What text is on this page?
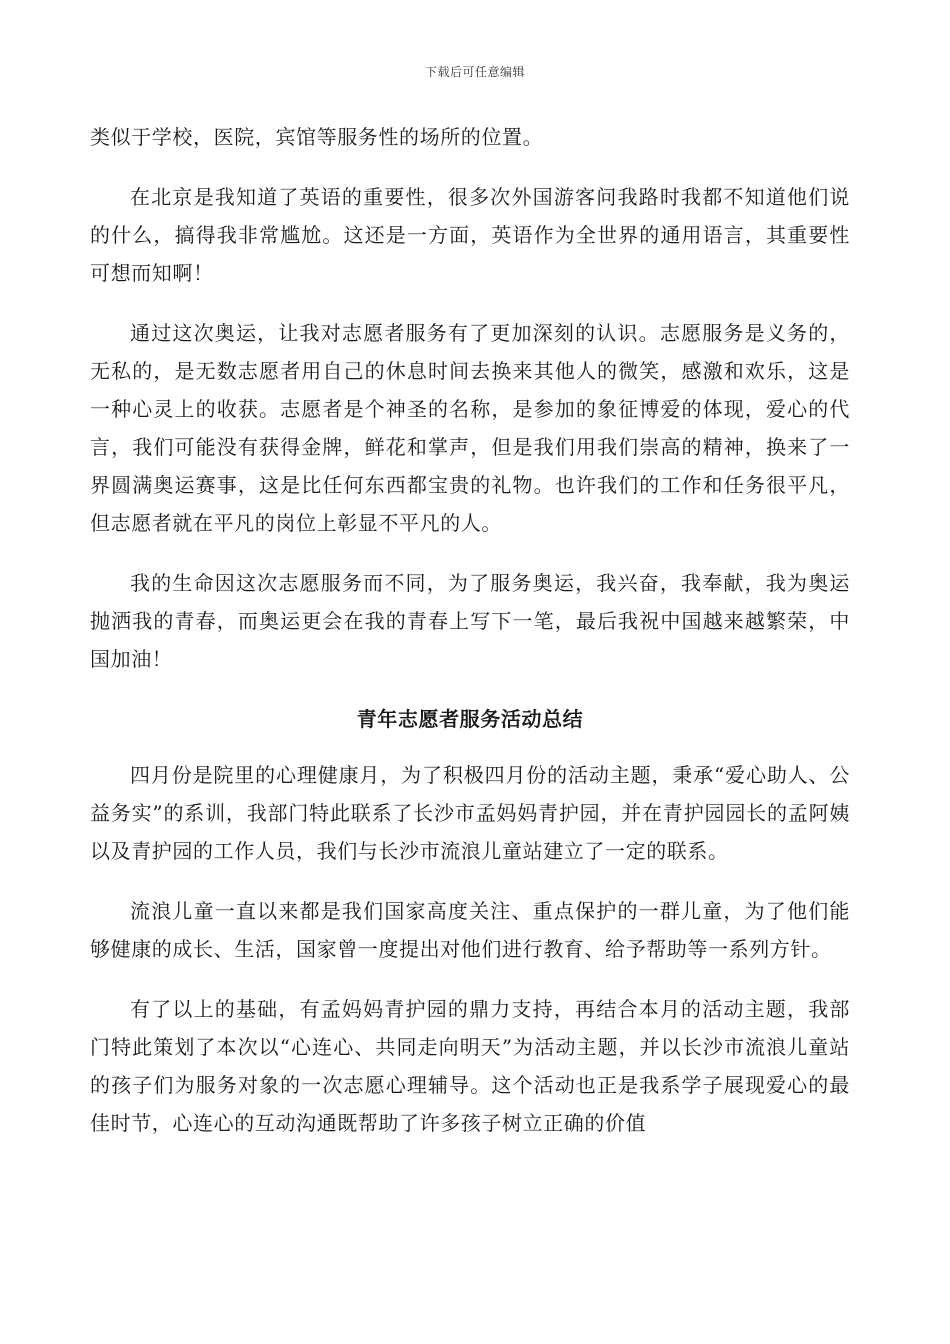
下载后可任意编辑

类似于学校，医院，宾馆等服务性的场所的位置。

在北京是我知道了英语的重要性，很多次外国游客问我路时我都不知道他们说的什么，搞得我非常尴尬。这还是一方面，英语作为全世界的通用语言，其重要性可想而知啊！

通过这次奥运，让我对志愿者服务有了更加深刻的认识。志愿服务是义务的，无私的，是无数志愿者用自己的休息时间去换来其他人的微笑，感激和欢乐，这是一种心灵上的收获。志愿者是个神圣的名称，是参加的象征博爱的体现，爱心的代言，我们可能没有获得金牌，鲜花和掌声，但是我们用我们崇高的精神，换来了一界圆满奥运赛事，这是比任何东西都宝贵的礼物。也许我们的工作和任务很平凡，但志愿者就在平凡的岗位上彰显不平凡的人。

我的生命因这次志愿服务而不同，为了服务奥运，我兴奋，我奉献，我为奥运抛洒我的青春，而奥运更会在我的青春上写下一笔，最后我祝中国越来越繁荣，中国加油！

青年志愿者服务活动总结

四月份是院里的心理健康月，为了积极四月份的活动主题，秉承“爱心助人、公益务实”的系训，我部门特此联系了长沙市孟妈妈青护园，并在青护园园长的孟阿姨以及青护园的工作人员，我们与长沙市流浪儿童站建立了一定的联系。

流浪儿童一直以来都是我们国家高度关注、重点保护的一群儿童，为了他们能够健康的成长、生活，国家曾一度提出对他们进行教育、给予帮助等一系列方针。

有了以上的基础，有孟妈妈青护园的鼎力支持，再结合本月的活动主题，我部门特此策划了本次以“心连心、共同走向明天”为活动主题，并以长沙市流浪儿童站的孩子们为服务对象的一次志愿心理辅导。这个活动也正是我系学子展现爱心的最佳时节，心连心的互动沟通既帮助了许多孩子树立正确的价值
